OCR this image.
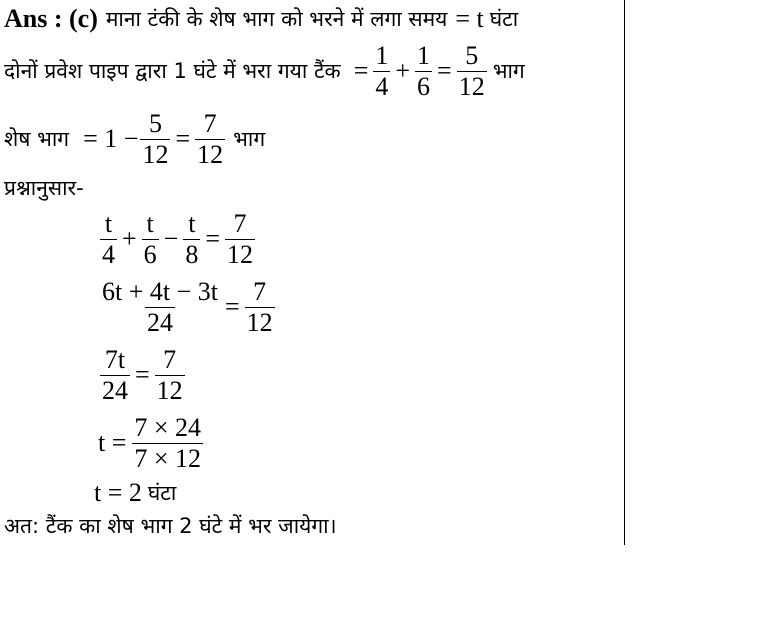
Ans : (c) माना टंकी के शेष भाग को भरने में लगा समय = t घंटा
दोनों प्रवेश पाइप द्वारा 1 घंटे में भरा गया टैंक = $\frac{1}{4} + \frac{1}{6} = \frac{5}{12}$ भाग
शेष भाग = $1 - \frac{5}{12} = \frac{7}{12}$ भाग
प्रश्नानुसार-
$\frac{t}{4} + \frac{t}{6} - \frac{t}{8} = \frac{7}{12}$
$\frac{6t + 4t - 3t}{24} = \frac{7}{12}$
$\frac{7t}{24} = \frac{7}{12}$
$t = \frac{7 \times 24}{7 \times 12}$
t = 2 घंटा
अत: टैंक का शेष भाग 2 घंटे में भर जायेगा।
